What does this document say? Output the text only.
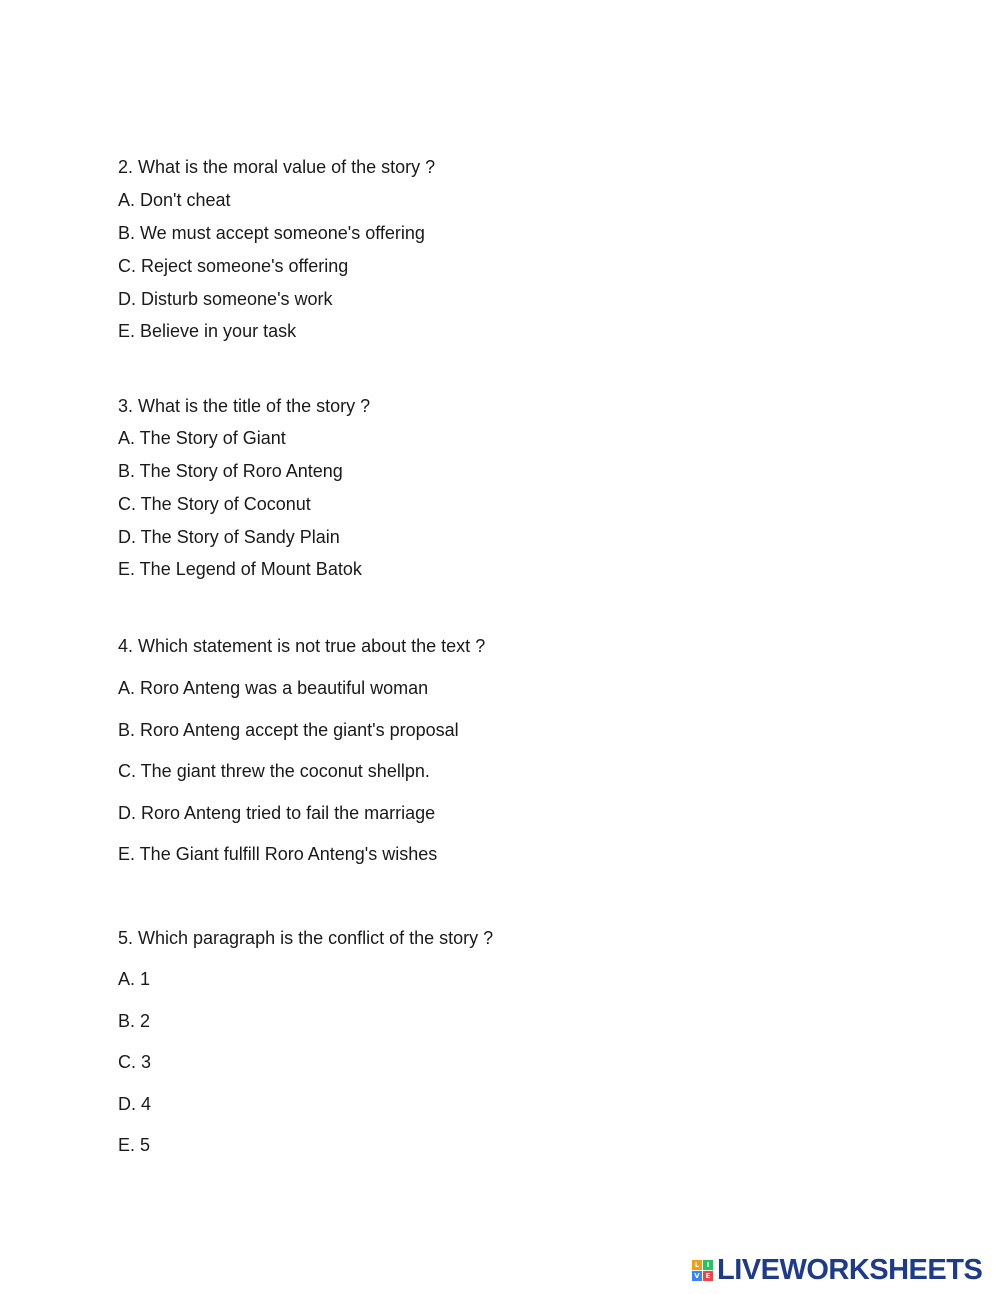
2. What is the moral value of the story ?
A. Don't cheat
B. We must accept someone's offering
C. Reject someone's offering
D. Disturb someone's work
E. Believe in your task
3. What is the title of the story ?
A. The Story of Giant
B. The Story of Roro Anteng
C. The Story of Coconut
D. The Story of Sandy Plain
E. The Legend of Mount Batok
4. Which statement is not true about the text ?
A. Roro Anteng was a beautiful woman
B. Roro Anteng accept the giant's proposal
C. The giant threw the coconut shellpn.
D. Roro Anteng tried to fail the marriage
E. The Giant fulfill Roro Anteng's wishes
5. Which paragraph is the conflict of the story ?
A. 1
B. 2
C. 3
D. 4
E. 5
L	I
V E LIVEWORKSHEETS
